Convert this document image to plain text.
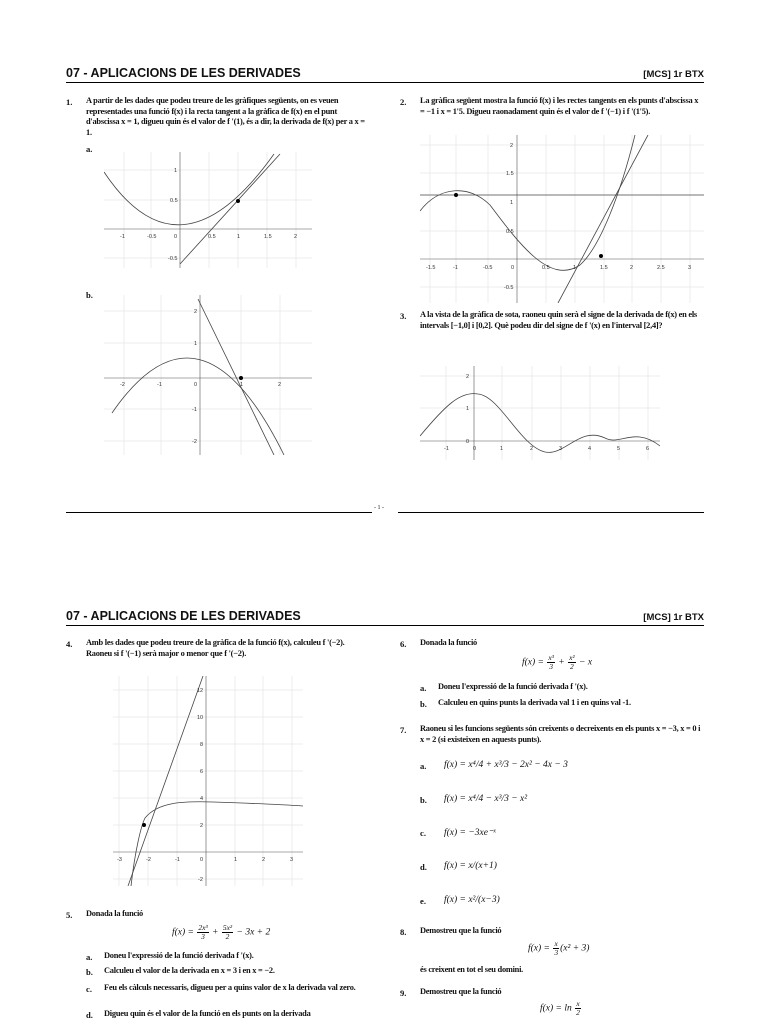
07 - APLICACIONS DE LES DERIVADES	[MCS] 1r BTX
1. A partir de les dades que podeu treure de les gràfiques següents, on es veuen representades una funció f(x) i la recta tangent a la gràfica de f(x) en el punt d'abscissa x = 1, digueu quin és el valor de f '(1), és a dir, la derivada de f(x) per a x = 1.
a.
-1	-0.5	0.5	1	1.5	2
1
0.5
-0.5
0
b.
-2	-1	1	2
2
1
-1
-2
0
2. La gràfica següent mostra la funció f(x) i les rectes tangents en els punts d'abscissa x = −1 i x = 1'5. Digueu raonadament quin és el valor de f '(−1) i f '(1'5).
-1.5	-1	-0.5	0.5	1	1.5	2	2.5	3
2
1.5
1
0.5
-0.5
0
3. A la vista de la gràfica de sota, raoneu quin serà el signe de la derivada de f(x) en els intervals [−1,0] i [0,2]. Què podeu dir del signe de f '(x) en l'interval [2,4]?
-1	0	1	2	3	4	5	6
2
1
0
- 1 -
07 - APLICACIONS DE LES DERIVADES	[MCS] 1r BTX
4. Amb les dades que podeu treure de la gràfica de la funció f(x), calculeu f '(−2). Raoneu si f '(−1) serà major o menor que f '(−2).
-3	-2	-1	1	2	3
12
10
8
6
4
2
-2
0
5. Donada la funció
$f(x) = \frac{\text{2x³}}{3} + \frac{\text{5x²}}{2} - 3x + 2$
a. Doneu l'expressió de la funció derivada f '(x).
b. Calculeu el valor de la derivada en x = 3 i en x = −2.
c. Feu els càlculs necessaris, digueu per a quins valor de x la derivada val zero.
d. Digueu quin és el valor de la funció en els punts on la derivada
6. Donada la funció
$f(x) = \frac{\text{x³}}{3} + \frac{\text{x²}}{2} - x$
a. Doneu l'expressió de la funció derivada f '(x).
b. Calculeu en quins punts la derivada val 1 i en quins val -1.
7. Raoneu si les funcions següents són creixents o decreixents en els punts x = −3, x = 0 i x = 2 (si existeixen en aquests punts).
a. f(x) = x⁴/4 + x³/3 − 2x² − 4x − 3
b. f(x) = x⁴/4 − x³/3 − x²
c. f(x) = −3xe⁻ˣ
d. f(x) = x/(x+1)
e. f(x) = x²/(x−3)
8. Demostreu que la funció
$f(x) = \frac{x}{3} (x^2 + 3)$
és creixent en tot el seu domini.
9. Demostreu que la funció
$f(x) = \ln \frac{x}{2}$
